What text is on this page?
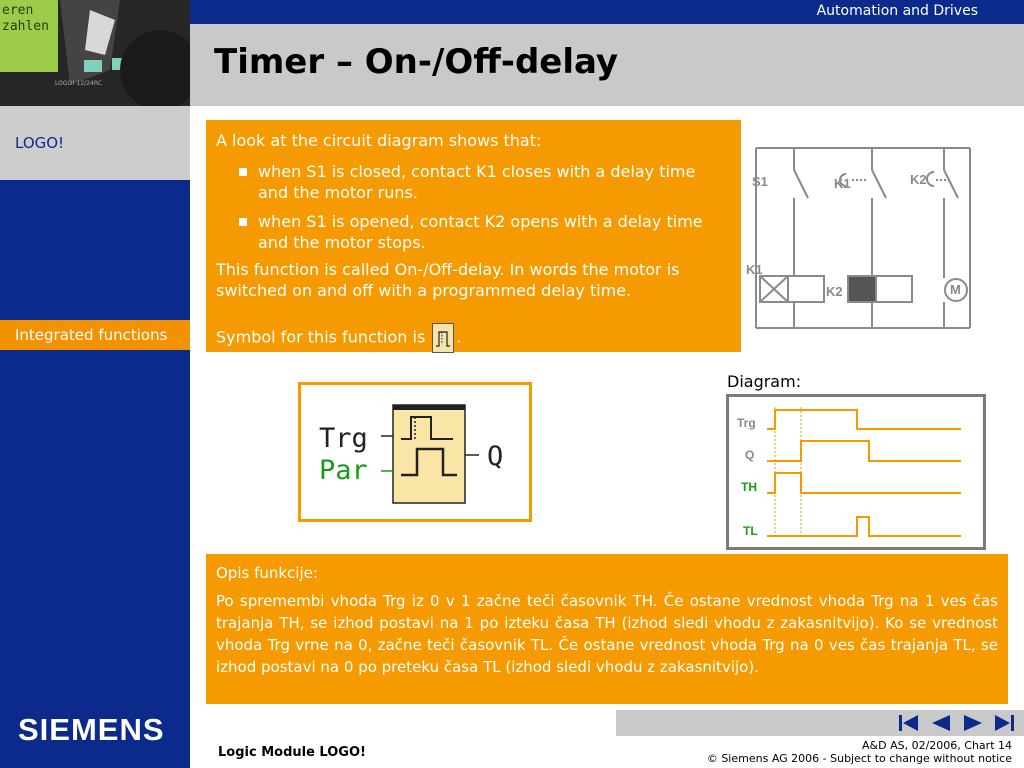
Automation and Drives
Timer – On-/Off-delay
eren
zahlen
LOGO! 12/24RC
LOGO!
Integrated functions
SIEMENS

A look at the circuit diagram shows that:

when S1 is closed, contact K1 closes with a delay time and the motor runs.

when S1 is opened, contact K2 opens with a delay time and the motor stops.

This function is called On-/Off-delay. In words the motor is switched on and off with a programmed delay time.

Symbol for this function is .

S1	K1	K2
K1
K2	M
Trg
Par	Q
Diagram:
Trg
Q
TH
TL
Opis funkcije:
Po spremembi vhoda Trg iz 0 v 1 začne teči časovnik TH. Če ostane vrednost vhoda Trg na 1 ves čas trajanja TH, se izhod postavi na 1 po izteku časa TH (izhod sledi vhodu z zakasnitvijo). Ko se vrednost vhoda Trg vrne na 0, začne teči časovnik TL. Če ostane vrednost vhoda Trg na 0 ves čas trajanja TL, se izhod postavi na 0 po preteku časa TL (izhod sledi vhodu z zakasnitvijo).
Logic Module LOGO!	A&D AS, 02/2006, Chart 14
© Siemens AG 2006 - Subject to change without notice
